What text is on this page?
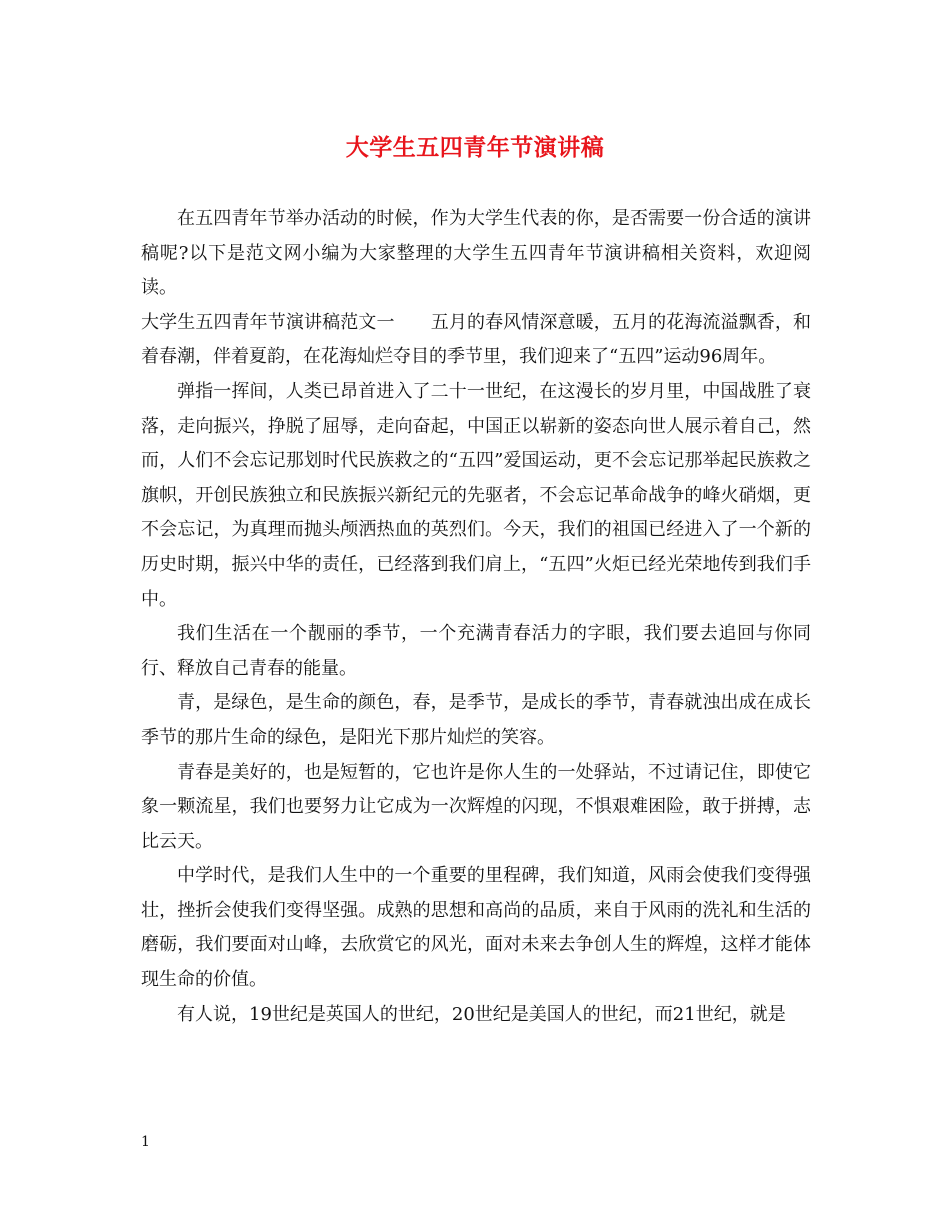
大学生五四青年节演讲稿

在五四青年节举办活动的时候，作为大学生代表的你，是否需要一份合适的演讲稿呢?以下是范文网小编为大家整理的大学生五四青年节演讲稿相关资料，欢迎阅读。

大学生五四青年节演讲稿范文一 五月的春风情深意暖，五月的花海流溢飘香，和着春潮，伴着夏韵，在花海灿烂夺目的季节里，我们迎来了“五四”运动96周年。

弹指一挥间，人类已昂首进入了二十一世纪，在这漫长的岁月里，中国战胜了衰落，走向振兴，挣脱了屈辱，走向奋起，中国正以崭新的姿态向世人展示着自己，然而，人们不会忘记那划时代民族救之的“五四”爱国运动，更不会忘记那举起民族救之旗帜，开创民族独立和民族振兴新纪元的先驱者，不会忘记革命战争的峰火硝烟，更不会忘记，为真理而抛头颅洒热血的英烈们。今天，我们的祖国已经进入了一个新的历史时期，振兴中华的责任，已经落到我们肩上，“五四”火炬已经光荣地传到我们手中。

我们生活在一个靓丽的季节，一个充满青春活力的字眼，我们要去追回与你同行、释放自己青春的能量。

青，是绿色，是生命的颜色，春，是季节，是成长的季节，青春就浊出成在成长季节的那片生命的绿色，是阳光下那片灿烂的笑容。

青春是美好的，也是短暂的，它也许是你人生的一处驿站，不过请记住，即使它象一颗流星，我们也要努力让它成为一次辉煌的闪现，不惧艰难困险，敢于拼搏，志比云天。

中学时代，是我们人生中的一个重要的里程碑，我们知道，风雨会使我们变得强壮，挫折会使我们变得坚强。成熟的思想和高尚的品质，来自于风雨的洗礼和生活的磨砺，我们要面对山峰，去欣赏它的风光，面对未来去争创人生的辉煌，这样才能体现生命的价值。

有人说，19世纪是英国人的世纪，20世纪是美国人的世纪，而21世纪，就是

1
